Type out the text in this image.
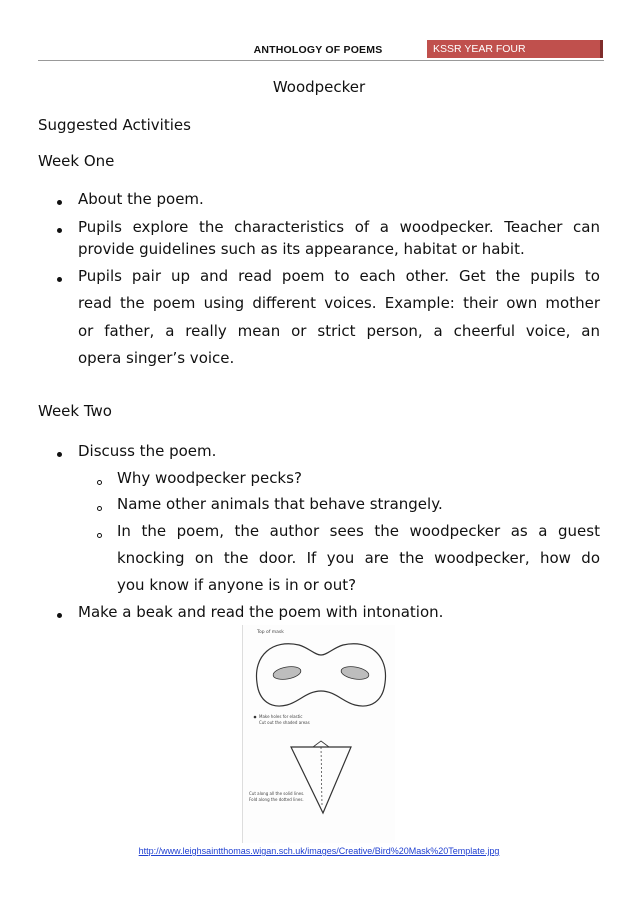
ANTHOLOGY OF POEMS	KSSR YEAR FOUR
Woodpecker
Suggested Activities
Week One
About the poem.
Pupils explore the characteristics of a woodpecker. Teacher can
provide guidelines such as its appearance, habitat or habit.
Pupils pair up and read poem to each other. Get the pupils to
read the poem using different voices. Example: their own mother
or father, a really mean or strict person, a cheerful voice, an
opera singer’s voice.
Week Two
Discuss the poem.
Why woodpecker pecks?
Name other animals that behave strangely.
In the poem, the author sees the woodpecker as a guest
knocking on the door. If you are the woodpecker, how do
you know if anyone is in or out?
Make a beak and read the poem with intonation.
Top of mask
Make holes for elastic
Cut out the shaded areas
Cut along all the solid lines.
Fold along the dotted lines.
http://www.leighsaintthomas.wigan.sch.uk/images/Creative/Bird%20Mask%20Template.jpg
